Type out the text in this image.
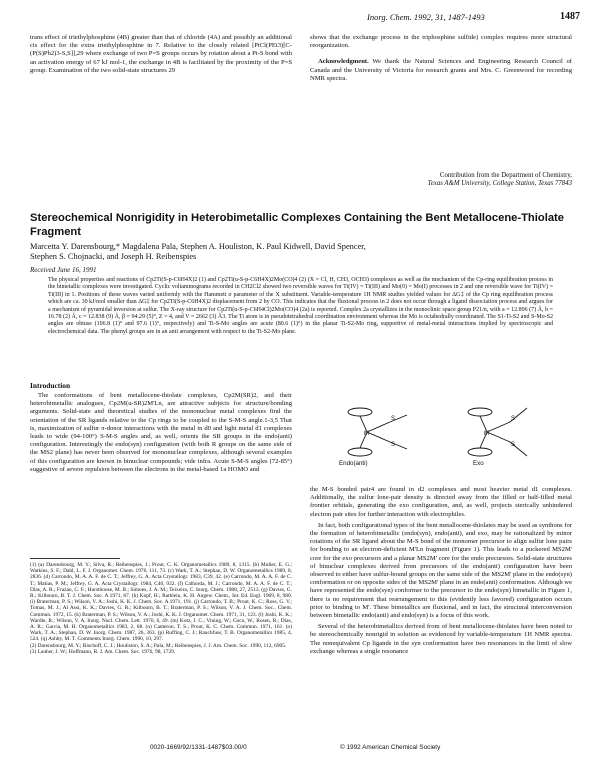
Inorg. Chem. 1992, 31, 1487-1493	1487

trans effect of triethylphosphine (4B) greater than that of chloride (4A) and possibly an additional cis effect for the extra triethylphosphine in 7. Relative to the closely related [PtCl(PEt3)[C-(P(S)Ph2)3-S,S]],29 where exchange of two P=S groups occurs by rotation about a Pt-S bond with an activation energy of 67 kJ mol-1, the exchange in 4B is facilitated by the proximity of the P=S group. Examination of the two solid-state structures 29

shows that the exchange process in the triphosphine sulfide) complex requires more structural reorganization.

Acknowledgment. We thank the Natural Sciences and Engineering Research Council of Canada and the University of Victoria for research grants and Mrs. C. Greenwood for recording NMR spectra.

Contribution from the Department of Chemistry,
Texas A&M University, College Station, Texas 77843
Stereochemical Nonrigidity in Heterobimetallic Complexes Containing the Bent Metallocene-Thiolate Fragment
Marcetta Y. Darensbourg,* Magdalena Pala, Stephen A. Houliston, K. Paul Kidwell, David Spencer,
Stephen S. Chojnacki, and Joseph H. Reibenspies
Received June 16, 1991
The physical properties and reactions of Cp2Ti(S-p-C6H4X)2 (1) and Cp2Ti(u-S-p-C6H4X)2Mo(CO)4 (2) (X = Cl, H, CH3, OCH3) complexes as well as the mechanism of the Cp-ring equilibration process in the bimetallic complexes were investigated. Cyclic voltammograms recorded in CH2Cl2 showed two reversible waves for Ti(IV) = Ti(III) and Mo(0) = Mo(I) processes in 2 and one reversible wave for Ti(IV) = Ti(III) in 1. Positions of these waves varied uniformly with the Hammett σ parameter of the X substituent. Variable-temperature 1H NMR studies yielded values for ΔG‡ of the Cp ring equilibration process which are ca. 30 kJ/mol smaller than ΔG‡ for Cp2Ti(S-p-C6H4X)2 displacement from 2 by CO. This indicates that the fluxional process in 2 does not occur through a ligand dissociation process and argues for a mechanism of pyramidal inversion at sulfur. The X-ray structure for Cp2Ti(u-S-p-C6H4Cl)2Mo(CO)4 (2a) is reported. Complex 2a crystallizes in the monoclinic space group P21/n, with a = 12.896 (7) Å, b = 16.78 (2) Å, c = 12.838 (9) Å, β = 94.29 (5)°, Z = 4, and V = 2662 (3) Å3. The Ti atom is in pseudotetrahedral coordination environment whereas the Mo is octahedrally coordinated. The S1-Ti-S2 and S-Mo-S2 angles are obtuse (106.8 (1)° and 97.6 (1)°, respectively) and Ti-S-Mo angles are acute (80.6 (1)°) in the planar Ti-S2-Mo ring, supportive of metal-metal interactions implied by spectroscopic and electrochemical data. The phenyl groups are in an anti arrangement with respect to the Ti-S2-Mo plane.
Introduction
The conformations of bent metallocene-thiolate complexes, Cp2M(SR)2, and their heterobimetallic analogues, Cp2M(u-SR)2M'Ln, are attractive subjects for structure/bonding arguments. Solid-state and theoretical studies of the mononuclear metal complexes find the orientation of the SR ligands relative to the Cp rings to be coupled to the S-M-S angle.1-3,5 That is, maximization of sulfur π-donor interactions with the metal in d0 and light metal d1 complexes leads to wide (94-100°) S-M-S angles and, as well, orients the SR groups in the endo(anti) configuration. Interestingly the endo(syn) configuration (with both R groups on the same side of the MS2 plane) has never been observed for mononuclear complexes, although several examples of this configuration are known in binuclear compounds; vide infra. Acute S-M-S angles (72-85°) suggestive of severe repulsion between the electrons in the metal-based 1a HOMO and
M
S
S
M
S
S
Endo(anti)	Exo

the M-S bonded pair4 are found in d2 complexes and most heavier metal d1 complexes. Additionally, the sulfur lone-pair density is directed away from the filled or half-filled metal frontier orbitals, generating the exo configuration, and, as well, projects sterically unhindered electron pair sites for further interaction with electrophiles.

In fact, both configurational types of the bent metallocene-thiolates may be used as synthons for the formation of heterobimetallic (endo(syn), endo(anti), and exo, may be rationalized by minor rotations of the SR ligand about the M-S bond of the monomer precursor to align sulfur lone pairs for bonding to an electron-deficient M'Ln fragment (Figure 1). This leads to a puckered MS2M' core for the exo precursors and a planar MS2M' core for the endo precursors. Solid-state structures of binuclear complexes derived from precursors of the endo(anti) configuration have been observed to either have sulfur-bound groups on the same side of the MS2M' plane in the endo(syn) conformation or on opposite sides of the MS2M' plane in an endo(anti) conformation. Although we have represented the endo(syn) conformer to the precursor to the endo(syn) bimetallic in Figure 1, there is no requirement that rearrangement to this (evidently less favored) configuration occurs prior to binding to M'. These bimetallics are fluxional, and in fact, the structural interconversion between bimetallic endo(anti) and endo(syn) is a focus of this work.

Several of the heterobimetallics derived from of bent metallocene-thiolates have been noted to be stereochemically nonrigid in solution as evidenced by variable-temperature 1H NMR spectra. The nonequivalent Cp ligands in the syn conformation have two resonances in the limit of slow exchange whereas a single resonance

(1) (a) Darensbourg, M. Y.; Silva, R.; Reibenspies, J.; Prout, C. K. Organometallics 1989, 8, 1315. (b) Muller, E. G.; Watkins, S. F.; Dahl, L. F. J. Organomet. Chem. 1976, 111, 73. (c) Wark, T. A.; Stephan, D. W. Organometallics 1989, 8, 2836. (d) Carrondo, M. A. A. F. de C. T.; Jeffrey, G. A. Acta Crystallogr. 1983, C39, 42. (e) Carrondo, M. A. A. F. de C. T.; Matias, P. M.; Jeffrey, G. A. Acta Crystallogr. 1984, C40, 932. (f) Calhorda, M. J.; Carrondo, M. A. A. F. de C. T.; Dias, A. R.; Frazao, C. F.; Hursthouse, M. B.; Simoes, J. A. M.; Teixeira, C. Inorg. Chem. 1988, 27, 2513. (g) Davies, G. R.; Kilbourn, B. T. J. Chem. Soc. A 1971, 87. (h) Kopf, H.; Rathlein, K. H. Angew. Chem., Int. Ed. Engl. 1969, 8, 980. (i) Braterman, P. S.; Wilson, V. A.; Joshi, K. K. J. Chem. Soc. A 1971, 191. (j) Carrondo, T. B.; Prout, K. C.; Ross, G. V.; Tomas, M. J.; Al Assi, K. K.; Davies, G. R.; Kilbourn, B. T.; Braterman, P. S.; Wilson, V. A. J. Chem. Soc., Chem. Commun. 1972, 15. (k) Braterman, P. S.; Wilson, V. A.; Joshi, K. K. J. Organomet. Chem. 1971, 31, 123. (l) Joshi, K. K.; Wardle, R.; Wilson, V. A. Inorg. Nucl. Chem. Lett. 1970, 6, 49. (m) Kotz, J. C.; Vining, W.; Coco, W.; Rosen, R.; Dias, A. R.; Garcia, M. H. Organometallics 1983, 2, 68. (n) Cameron, T. S.; Prout, K. C. Chem. Commun. 1971, 161. (o) Wark, T. A.; Stephan, D. W. Inorg. Chem. 1987, 26, 363. (p) Ruffing, C. J.; Rauchfuss, T. B. Organometallics 1985, 4, 524. (q) Ashby, M. T. Comments Inorg. Chem. 1990, 10, 297.

(2) Darensbourg, M. Y.; Bischoff, C. J.; Houliston, S. A.; Pala, M.; Reibenspies, J. J. Am. Chem. Soc. 1990, 112, 6905.

(3) Lauher, J. W.; Hoffmann, R. J. Am. Chem. Soc. 1976, 98, 1729.

0020-1669/92/1331-1487$03.00/0	© 1992 American Chemical Society
